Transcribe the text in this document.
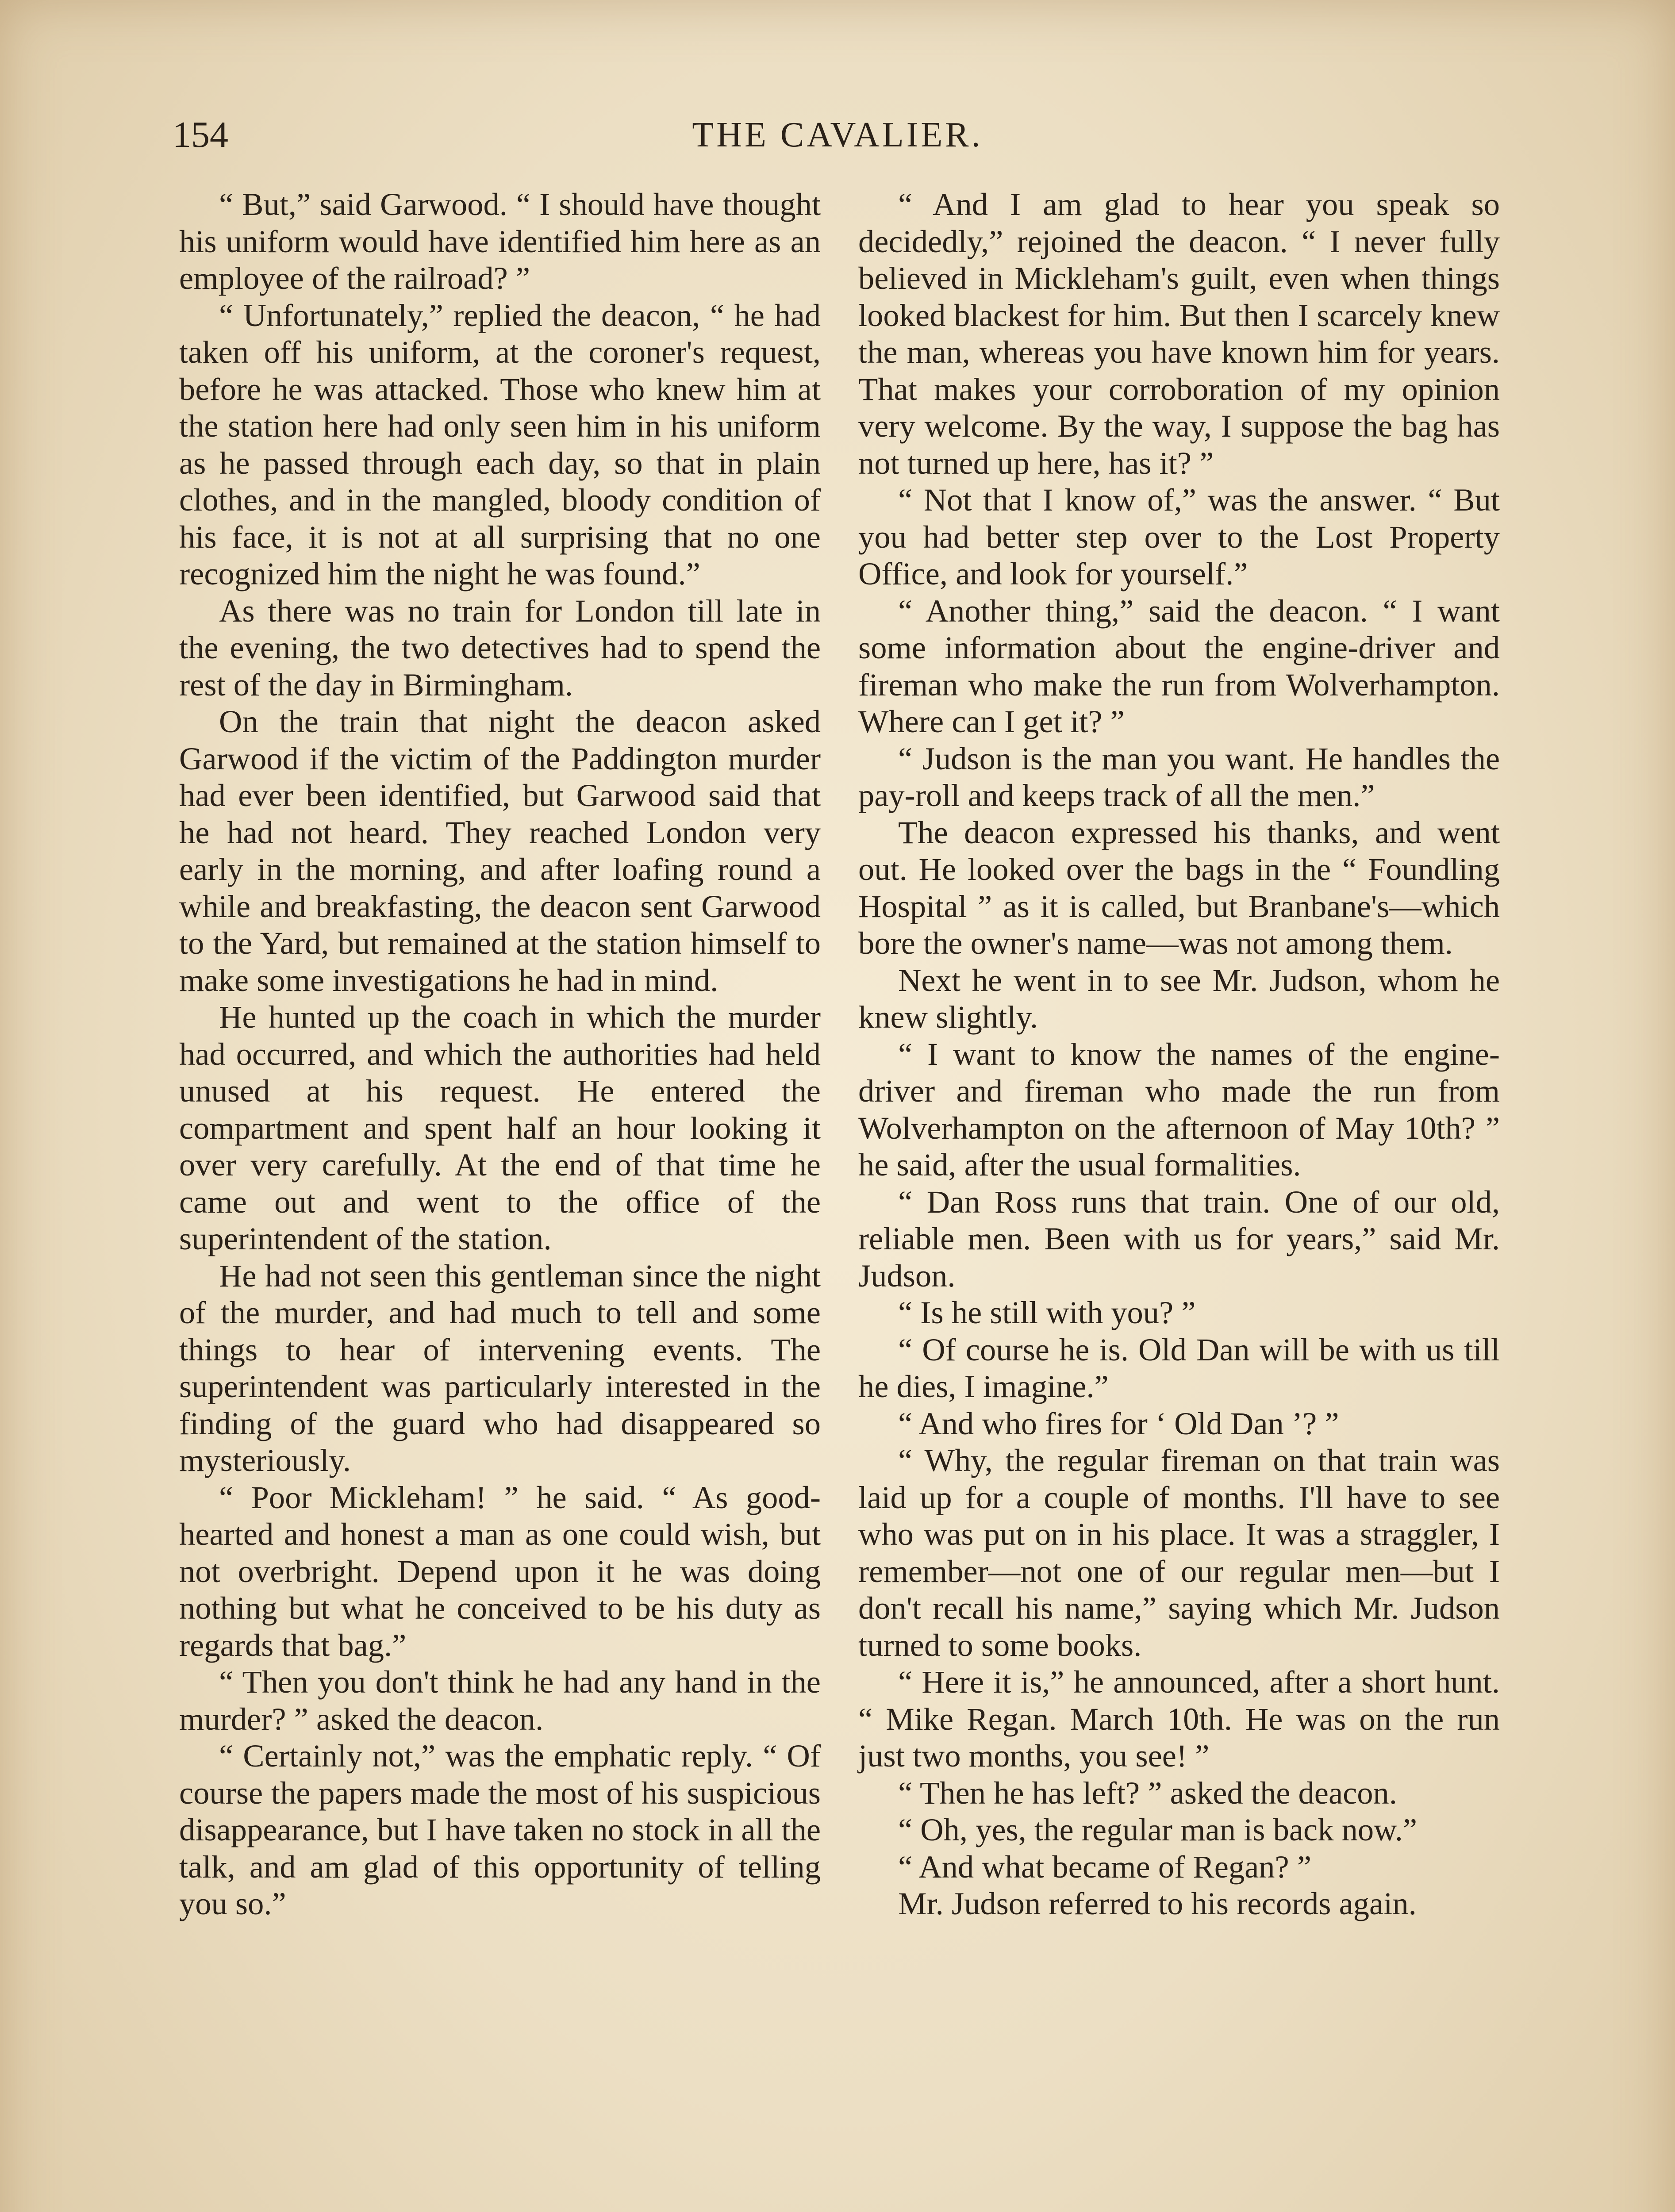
154	THE CAVALIER.

“ But,” said Garwood. “ I should have thought his uniform would have identified him here as an employee of the railroad? ”

“ Unfortunately,” replied the deacon, “ he had taken off his uniform, at the coroner's request, before he was attacked. Those who knew him at the station here had only seen him in his uniform as he passed through each day, so that in plain clothes, and in the mangled, bloody condition of his face, it is not at all surprising that no one recognized him the night he was found.”

As there was no train for London till late in the evening, the two detectives had to spend the rest of the day in Birmingham.

On the train that night the deacon asked Garwood if the victim of the Paddington murder had ever been identified, but Garwood said that he had not heard. They reached London very early in the morning, and after loafing round a while and breakfasting, the deacon sent Garwood to the Yard, but remained at the station himself to make some investigations he had in mind.

He hunted up the coach in which the murder had occurred, and which the authorities had held unused at his request. He entered the compartment and spent half an hour looking it over very carefully. At the end of that time he came out and went to the office of the superintendent of the station.

He had not seen this gentleman since the night of the murder, and had much to tell and some things to hear of intervening events. The superintendent was particularly interested in the finding of the guard who had disappeared so mysteriously.

“ Poor Mickleham! ” he said. “ As good-hearted and honest a man as one could wish, but not overbright. Depend upon it he was doing nothing but what he conceived to be his duty as regards that bag.”

“ Then you don't think he had any hand in the murder? ” asked the deacon.

“ Certainly not,” was the emphatic reply. “ Of course the papers made the most of his suspicious disappearance, but I have taken no stock in all the talk, and am glad of this opportunity of telling you so.”

“ And I am glad to hear you speak so decidedly,” rejoined the deacon. “ I never fully believed in Mickleham's guilt, even when things looked blackest for him. But then I scarcely knew the man, whereas you have known him for years. That makes your corroboration of my opinion very welcome. By the way, I suppose the bag has not turned up here, has it? ”

“ Not that I know of,” was the answer. “ But you had better step over to the Lost Property Office, and look for yourself.”

“ Another thing,” said the deacon. “ I want some information about the engine-driver and fireman who make the run from Wolverhampton. Where can I get it? ”

“ Judson is the man you want. He handles the pay-roll and keeps track of all the men.”

The deacon expressed his thanks, and went out. He looked over the bags in the “ Foundling Hospital ” as it is called, but Branbane's—which bore the owner's name—was not among them.

Next he went in to see Mr. Judson, whom he knew slightly.

“ I want to know the names of the engine-driver and fireman who made the run from Wolverhampton on the afternoon of May 10th? ” he said, after the usual formalities.

“ Dan Ross runs that train. One of our old, reliable men. Been with us for years,” said Mr. Judson.

“ Is he still with you? ”

“ Of course he is. Old Dan will be with us till he dies, I imagine.”

“ And who fires for ‘ Old Dan ’? ”

“ Why, the regular fireman on that train was laid up for a couple of months. I'll have to see who was put on in his place. It was a straggler, I remember—not one of our regular men—but I don't recall his name,” saying which Mr. Judson turned to some books.

“ Here it is,” he announced, after a short hunt. “ Mike Regan. March 10th. He was on the run just two months, you see! ”

“ Then he has left? ” asked the deacon.

“ Oh, yes, the regular man is back now.”

“ And what became of Regan? ”

Mr. Judson referred to his records again.
